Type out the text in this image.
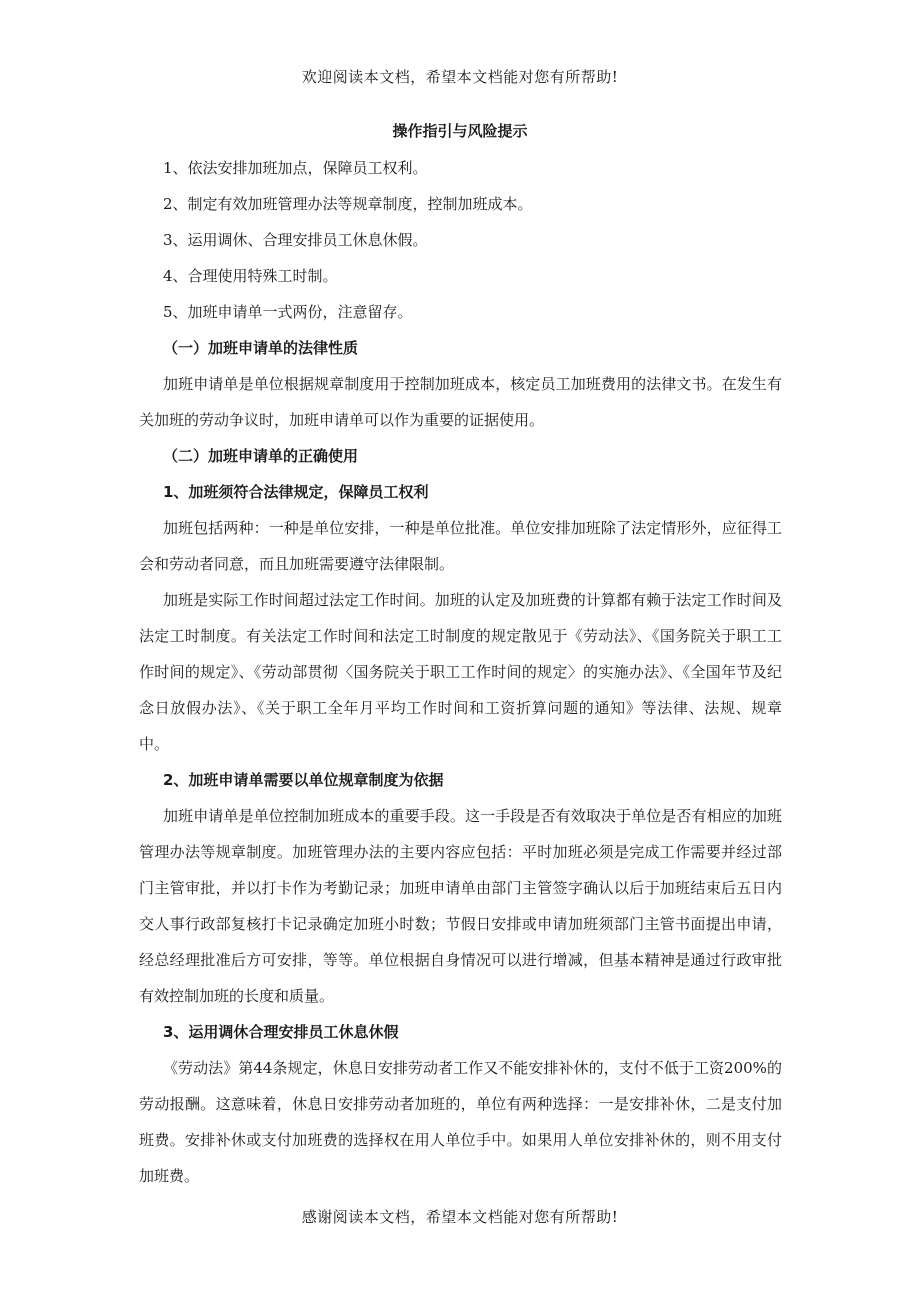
欢迎阅读本文档，希望本文档能对您有所帮助!
操作指引与风险提示

1、依法安排加班加点，保障员工权利。

2、制定有效加班管理办法等规章制度，控制加班成本。

3、运用调休、合理安排员工休息休假。

4、合理使用特殊工时制。

5、加班申请单一式两份，注意留存。

（一）加班申请单的法律性质

加班申请单是单位根据规章制度用于控制加班成本，核定员工加班费用的法律文书。在发生有关加班的劳动争议时，加班申请单可以作为重要的证据使用。

（二）加班申请单的正确使用

1、加班须符合法律规定，保障员工权利

加班包括两种：一种是单位安排，一种是单位批准。单位安排加班除了法定情形外，应征得工会和劳动者同意，而且加班需要遵守法律限制。

加班是实际工作时间超过法定工作时间。加班的认定及加班费的计算都有赖于法定工作时间及法定工时制度。有关法定工作时间和法定工时制度的规定散见于《劳动法》、《国务院关于职工工作时间的规定》、《劳动部贯彻〈国务院关于职工工作时间的规定〉的实施办法》、《全国年节及纪念日放假办法》、《关于职工全年月平均工作时间和工资折算问题的通知》等法律、法规、规章中。

2、加班申请单需要以单位规章制度为依据

加班申请单是单位控制加班成本的重要手段。这一手段是否有效取决于单位是否有相应的加班管理办法等规章制度。加班管理办法的主要内容应包括：平时加班必须是完成工作需要并经过部门主管审批，并以打卡作为考勤记录；加班申请单由部门主管签字确认以后于加班结束后五日内交人事行政部复核打卡记录确定加班小时数；节假日安排或申请加班须部门主管书面提出申请，经总经理批准后方可安排，等等。单位根据自身情况可以进行增减，但基本精神是通过行政审批有效控制加班的长度和质量。

3、运用调休合理安排员工休息休假

《劳动法》第44条规定，休息日安排劳动者工作又不能安排补休的，支付不低于工资200%的劳动报酬。这意味着，休息日安排劳动者加班的，单位有两种选择：一是安排补休，二是支付加班费。安排补休或支付加班费的选择权在用人单位手中。如果用人单位安排补休的，则不用支付加班费。

感谢阅读本文档，希望本文档能对您有所帮助!
